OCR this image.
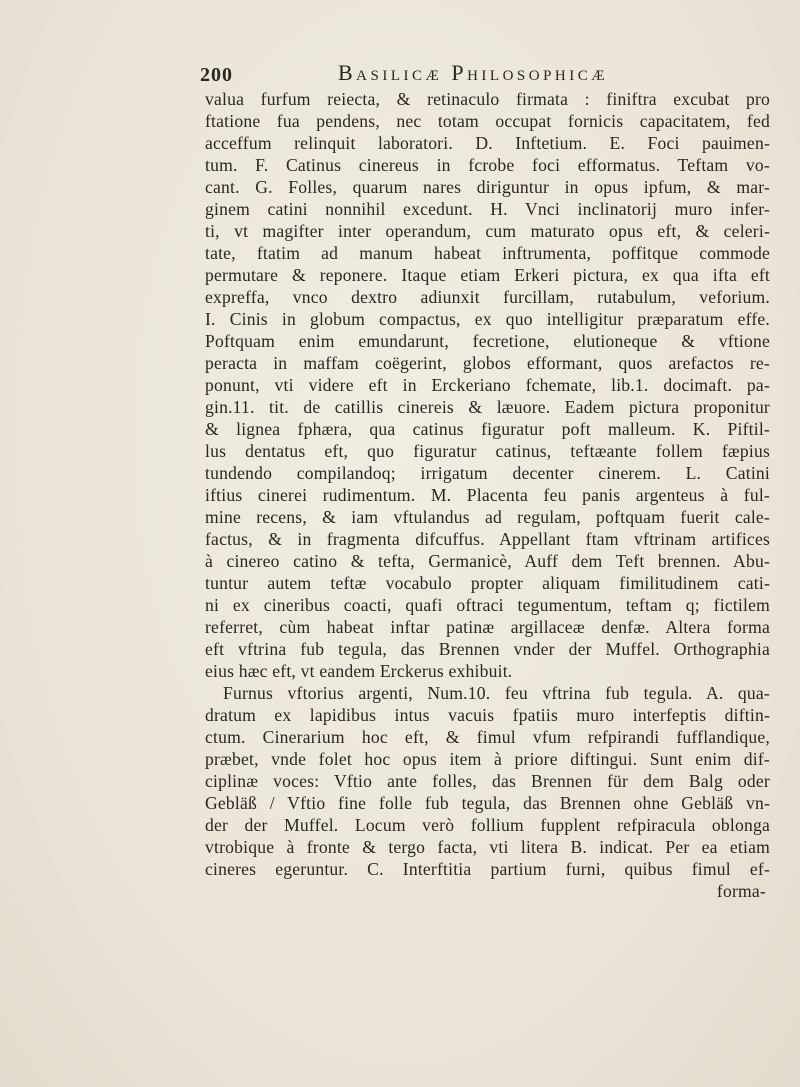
200	Basilicæ Philosophicæ
valua furfum reiecta, & retinaculo firmata : finiftra excubat pro
ftatione fua pendens, nec totam occupat fornicis capacitatem, fed
acceffum relinquit laboratori. D. Inftetium. E. Foci pauimen-
tum. F. Catinus cinereus in fcrobe foci efformatus. Teftam vo-
cant. G. Folles, quarum nares diriguntur in opus ipfum, & mar-
ginem catini nonnihil excedunt. H. Vnci inclinatorij muro infer-
ti, vt magifter inter operandum, cum maturato opus eft, & celeri-
tate, ftatim ad manum habeat inftrumenta, poffitque commode
permutare & reponere. Itaque etiam Erkeri pictura, ex qua ifta eft
expreffa, vnco dextro adiunxit furcillam, rutabulum, veforium.
I. Cinis in globum compactus, ex quo intelligitur præparatum effe.
Poftquam enim emundarunt, fecretione, elutioneque & vftione
peracta in maffam coëgerint, globos efformant, quos arefactos re-
ponunt, vti videre eft in Erckeriano fchemate, lib.1. docimaft. pa-
gin.11. tit. de catillis cinereis & læuore. Eadem pictura proponitur
& lignea fphæra, qua catinus figuratur poft malleum. K. Piftil-
lus dentatus eft, quo figuratur catinus, teftæante follem fæpius
tundendo compilandoq; irrigatum decenter cinerem. L. Catini
iftius cinerei rudimentum. M. Placenta feu panis argenteus à ful-
mine recens, & iam vftulandus ad regulam, poftquam fuerit cale-
factus, & in fragmenta difcuffus. Appellant ftam vftrinam artifices
à cinereo catino & tefta, Germanicè, Auff dem Teft brennen. Abu-
tuntur autem teftæ vocabulo propter aliquam fimilitudinem cati-
ni ex cineribus coacti, quafi oftraci tegumentum, teftam q; fictilem
referret, cùm habeat inftar patinæ argillaceæ denfæ. Altera forma
eft vftrina fub tegula, das Brennen vnder der Muffel. Orthographia
eius hæc eft, vt eandem Erckerus exhibuit.
Furnus vftorius argenti, Num.10. feu vftrina fub tegula. A. qua-
dratum ex lapidibus intus vacuis fpatiis muro interfeptis diftin-
ctum. Cinerarium hoc eft, & fimul vfum refpirandi fufflandique,
præbet, vnde folet hoc opus item à priore diftingui. Sunt enim dif-
ciplinæ voces: Vftio ante folles, das Brennen für dem Balg oder
Gebläß / Vftio fine folle fub tegula, das Brennen ohne Gebläß vn-
der der Muffel. Locum verò follium fupplent refpiracula oblonga
vtrobique à fronte & tergo facta, vti litera B. indicat. Per ea etiam
cineres egeruntur. C. Interftitia partium furni, quibus fimul ef-
forma-
